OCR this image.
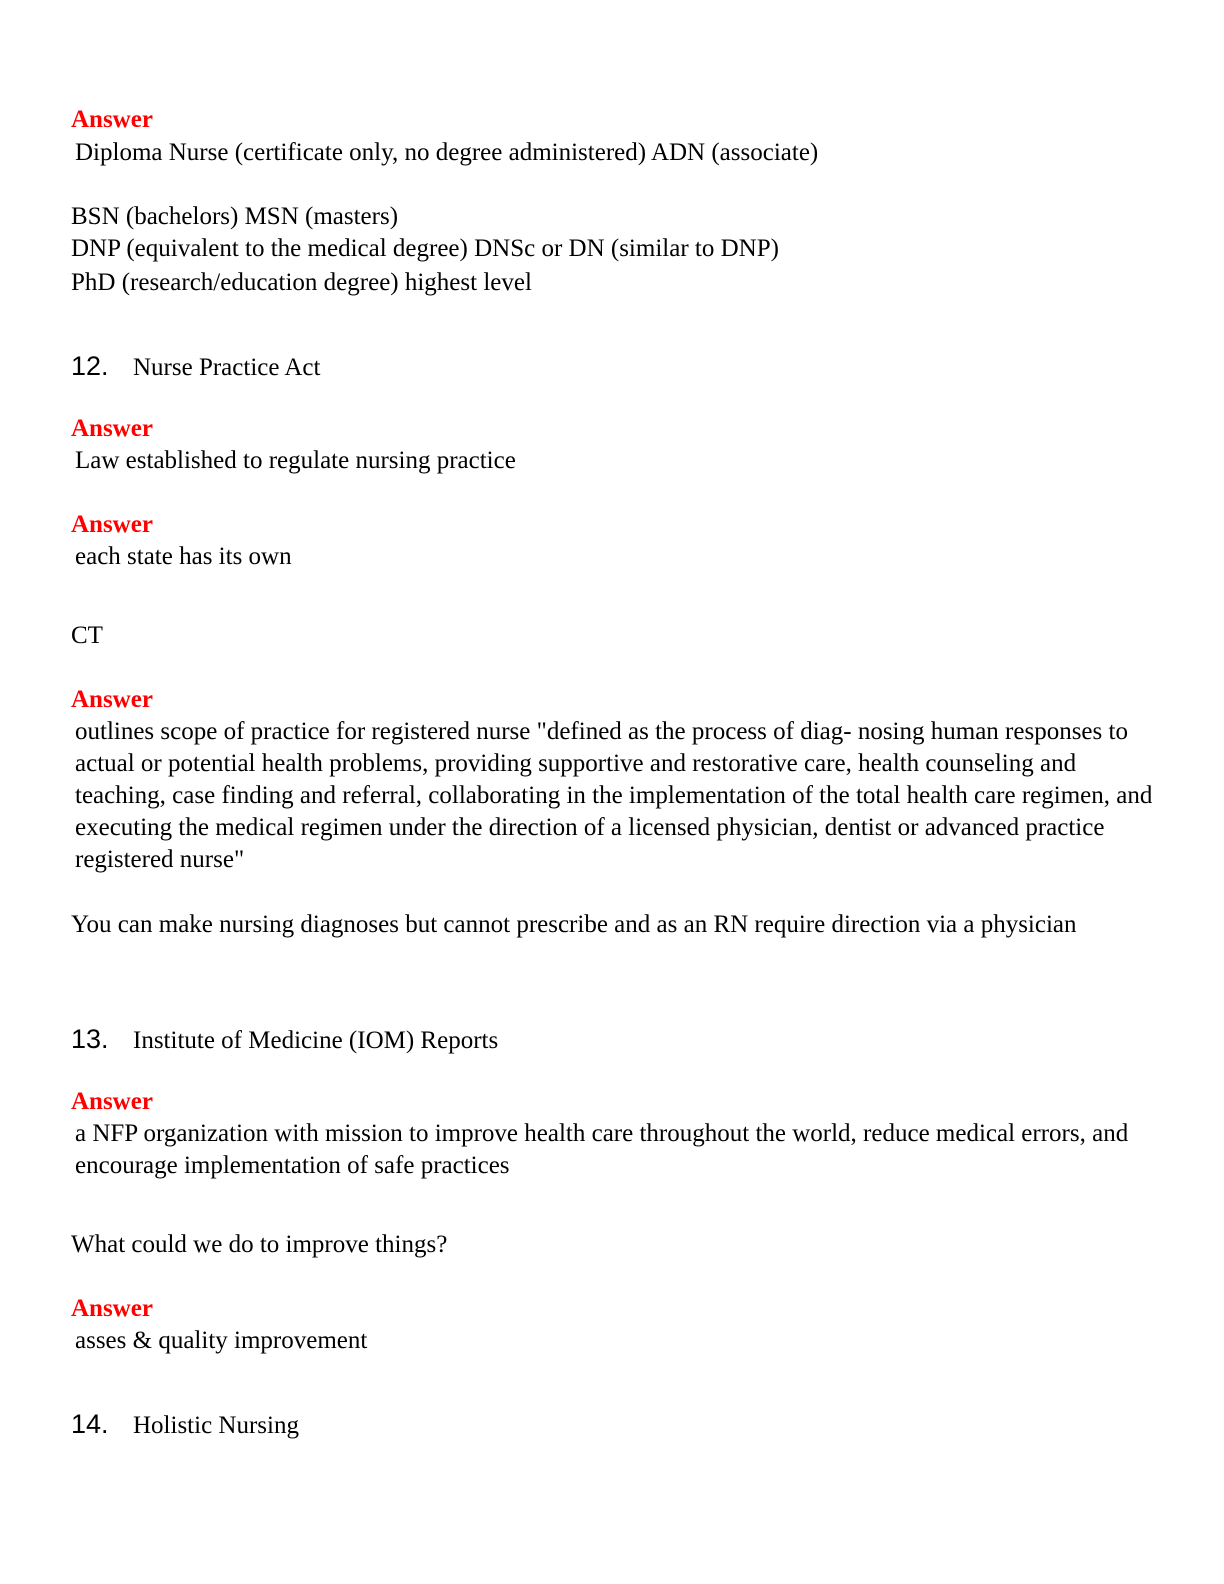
Answer
Diploma Nurse (certificate only, no degree administered) ADN (associate)
BSN (bachelors) MSN (masters)
DNP (equivalent to the medical degree) DNSc or DN (similar to DNP)
PhD (research/education degree) highest level
12. Nurse Practice Act
Answer
Law established to regulate nursing practice
Answer
each state has its own
CT
Answer
outlines scope of practice for registered nurse "defined as the process of diag- nosing human responses to actual or potential health problems, providing supportive and restorative care, health counseling and teaching, case finding and referral, collaborating in the implementation of the total health care regimen, and executing the medical regimen under the direction of a licensed physician, dentist or advanced practice registered nurse"
You can make nursing diagnoses but cannot prescribe and as an RN require direction via a physician
13. Institute of Medicine (IOM) Reports
Answer
a NFP organization with mission to improve health care throughout the world, reduce medical errors, and encourage implementation of safe practices
What could we do to improve things?
Answer
asses & quality improvement
14. Holistic Nursing
